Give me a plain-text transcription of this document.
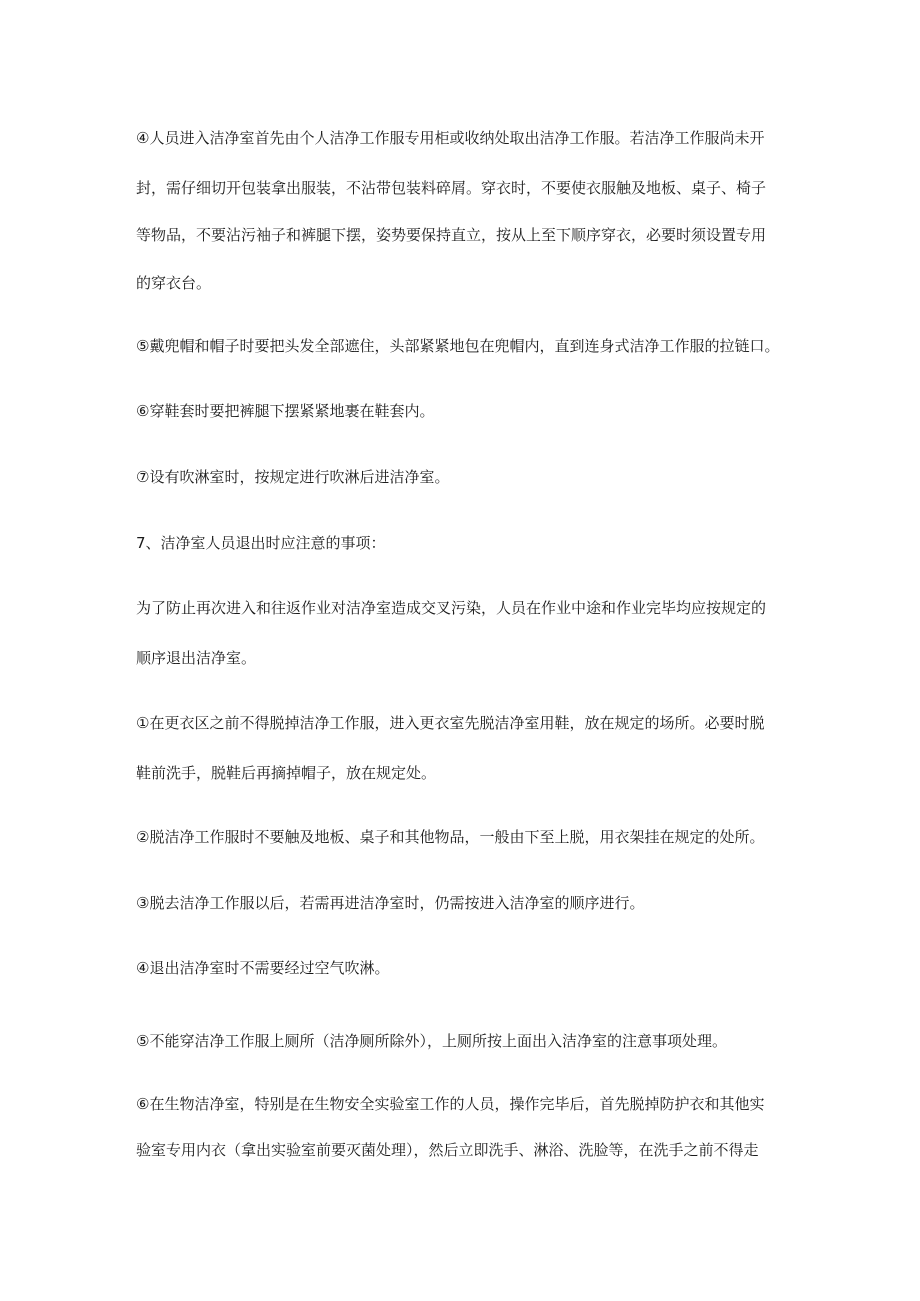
④人员进入洁净室首先由个人洁净工作服专用柜或收纳处取出洁净工作服。若洁净工作服尚未开
封，需仔细切开包装拿出服装，不沾带包装料碎屑。穿衣时，不要使衣服触及地板、桌子、椅子
等物品，不要沾污袖子和裤腿下摆，姿势要保持直立，按从上至下顺序穿衣，必要时须设置专用
的穿衣台。
⑤戴兜帽和帽子时要把头发全部遮住，头部紧紧地包在兜帽内，直到连身式洁净工作服的拉链口。
⑥穿鞋套时要把裤腿下摆紧紧地裹在鞋套内。
⑦设有吹淋室时，按规定进行吹淋后进洁净室。
7、洁净室人员退出时应注意的事项：
为了防止再次进入和往返作业对洁净室造成交叉污染，人员在作业中途和作业完毕均应按规定的
顺序退出洁净室。
①在更衣区之前不得脱掉洁净工作服，进入更衣室先脱洁净室用鞋，放在规定的场所。必要时脱
鞋前洗手，脱鞋后再摘掉帽子，放在规定处。
②脱洁净工作服时不要触及地板、桌子和其他物品，一般由下至上脱，用衣架挂在规定的处所。
③脱去洁净工作服以后，若需再进洁净室时，仍需按进入洁净室的顺序进行。
④退出洁净室时不需要经过空气吹淋。
⑤不能穿洁净工作服上厕所（洁净厕所除外），上厕所按上面出入洁净室的注意事项处理。
⑥在生物洁净室，特别是在生物安全实验室工作的人员，操作完毕后，首先脱掉防护衣和其他实
验室专用内衣（拿出实验室前要灭菌处理），然后立即洗手、淋浴、洗脸等，在洗手之前不得走
